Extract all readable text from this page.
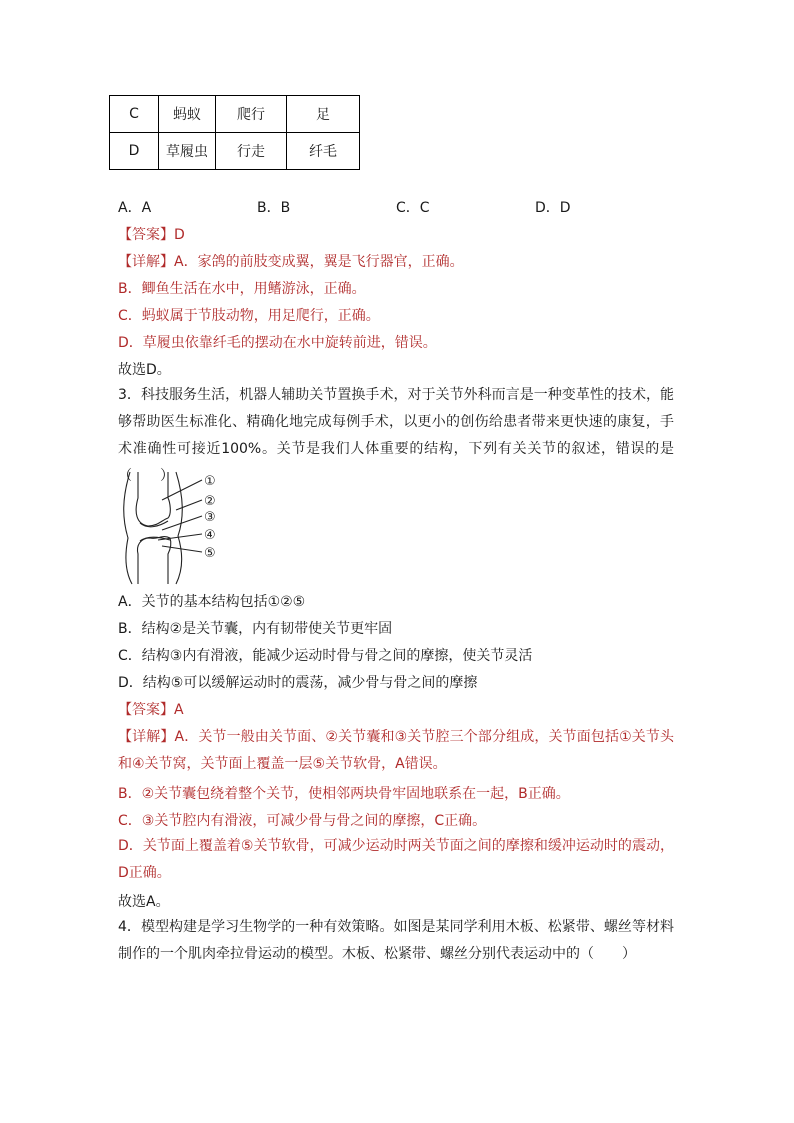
C	蚂蚁	爬行	足
D	草履虫	行走	纤毛
A．A	B．B	C．C	D．D
【答案】D
【详解】A．家鸽的前肢变成翼，翼是飞行器官，正确。
B．鲫鱼生活在水中，用鳍游泳，正确。
C．蚂蚁属于节肢动物，用足爬行，正确。
D．草履虫依靠纤毛的摆动在水中旋转前进，错误。
故选D。
3．科技服务生活，机器人辅助关节置换手术，对于关节外科而言是一种变革性的技术，能够帮助医生标准化、精确化地完成每例手术，以更小的创伤给患者带来更快速的康复，手术准确性可接近100%。关节是我们人体重要的结构，下列有关关节的叙述，错误的是（　　）	①
②
③
④
⑤
A．关节的基本结构包括①②⑤
B．结构②是关节囊，内有韧带使关节更牢固
C．结构③内有滑液，能减少运动时骨与骨之间的摩擦，使关节灵活
D．结构⑤可以缓解运动时的震荡，减少骨与骨之间的摩擦
【答案】A
【详解】A．关节一般由关节面、②关节囊和③关节腔三个部分组成，关节面包括①关节头和④关节窝，关节面上覆盖一层⑤关节软骨，A错误。
B．②关节囊包绕着整个关节，使相邻两块骨牢固地联系在一起，B正确。
C．③关节腔内有滑液，可减少骨与骨之间的摩擦，C正确。
D．关节面上覆盖着⑤关节软骨，可减少运动时两关节面之间的摩擦和缓冲运动时的震动，D正确。
故选A。
4．模型构建是学习生物学的一种有效策略。如图是某同学利用木板、松紧带、螺丝等材料制作的一个肌肉牵拉骨运动的模型。木板、松紧带、螺丝分别代表运动中的（　　）
